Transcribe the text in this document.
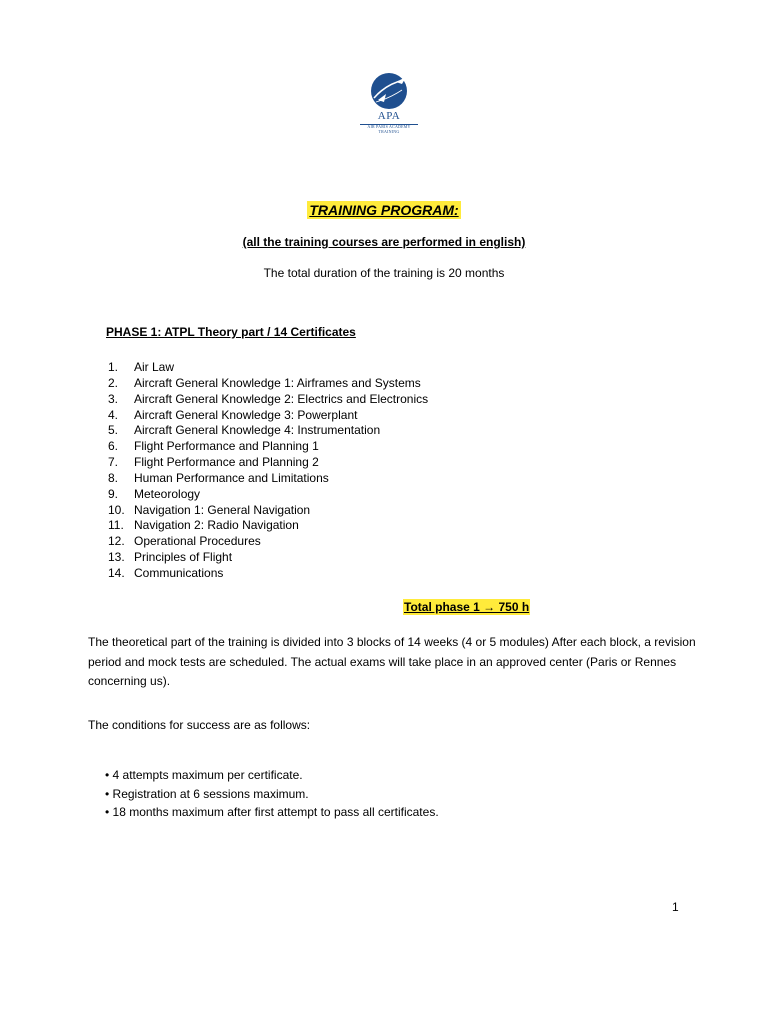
APA
AIR PARIS ACADEMY
TRAINING
TRAINING PROGRAM:
(all the training courses are performed in english)
The total duration of the training is 20 months
PHASE 1: ATPL Theory part / 14 Certificates
1. Air Law
2. Aircraft General Knowledge 1: Airframes and Systems
3. Aircraft General Knowledge 2: Electrics and Electronics
4. Aircraft General Knowledge 3: Powerplant
5. Aircraft General Knowledge 4: Instrumentation
6. Flight Performance and Planning 1
7. Flight Performance and Planning 2
8. Human Performance and Limitations
9. Meteorology
10. Navigation 1: General Navigation
11. Navigation 2: Radio Navigation
12. Operational Procedures
13. Principles of Flight
14. Communications
Total phase 1 → 750 h
The theoretical part of the training is divided into 3 blocks of 14 weeks (4 or 5 modules) After each block, a revision period and mock tests are scheduled. The actual exams will take place in an approved center (Paris or Rennes concerning us).
The conditions for success are as follows:
• 4 attempts maximum per certificate.
• Registration at 6 sessions maximum.
• 18 months maximum after first attempt to pass all certificates.
1
